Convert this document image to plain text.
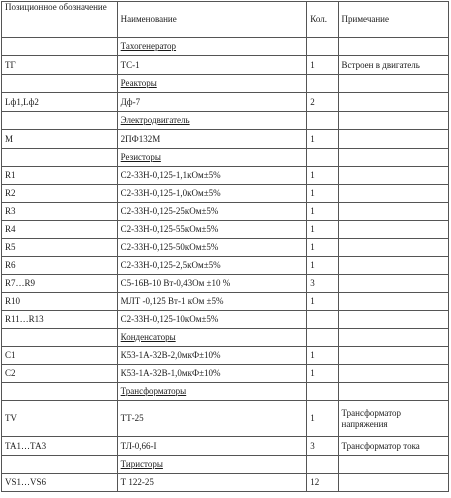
Позиционное обозначение	Наименование	Кол.	Примечание
	Тахогенератор		
ТГ	ТС-1	1	Встроен в двигатель
	Реакторы		
Lф1,Lф2	Дф-7	2	
	Электродвигатель		
М	2ПФ132М	1	
	Резисторы		
R1	С2-33Н-0,125-1,1кОм±5%	1	
R2	С2-33Н-0,125-1,0кОм±5%	1	
R3	С2-33Н-0,125-25кОм±5%	1	
R4	С2-33Н-0,125-55кОм±5%	1	
R5	С2-33Н-0,125-50кОм±5%	1	
R6	С2-33Н-0,125-2,5кОм±5%	1	
R7…R9	С5-16В-10 Вт-0,43Ом ±10 %	3	
R10	МЛТ -0,125 Вт-1 кОм ±5%	1	
R11…R13	С2-33Н-0,125-10кОм±5%		
	Конденсаторы		
С1	К53-1А-32В-2,0мкФ±10%	1	
С2	К53-1А-32В-1,0мкФ±10%	1	
	Трансформаторы		
TV	ТТ-25	1	Трансформатор напряжения
ТА1…ТА3	ТЛ-0,66-I	3	Трансформатор тока
	Тиристоры		
VS1…VS6	Т 122-25	12	
